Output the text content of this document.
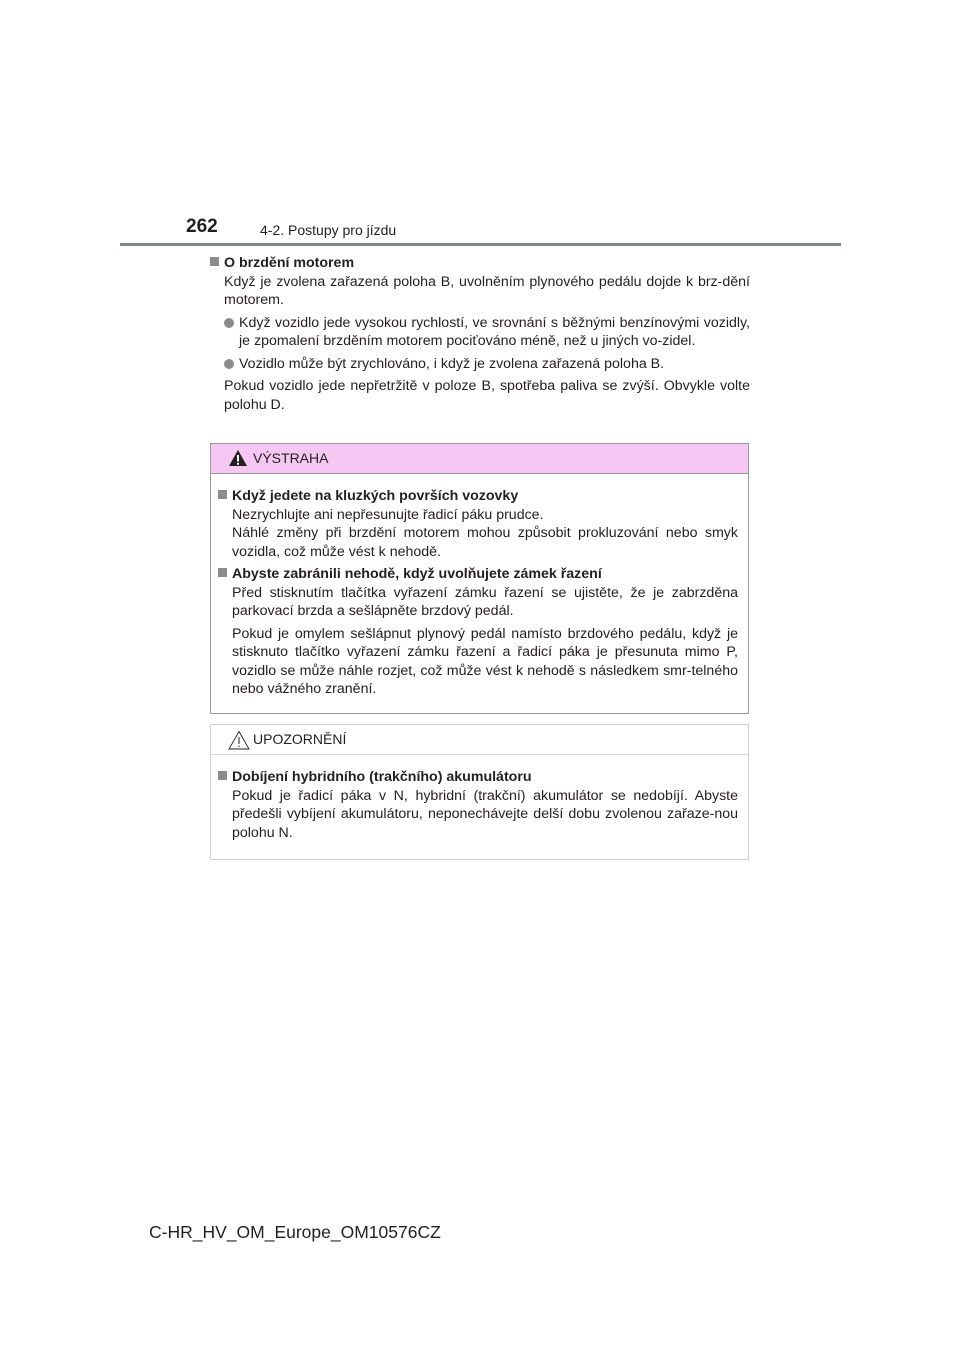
262	4-2. Postupy pro jízdu
O brzdění motorem

Když je zvolena zařazená poloha B, uvolněním plynového pedálu dojde k brz-dění motorem.

Když vozidlo jede vysokou rychlostí, ve srovnání s běžnými benzínovými vozidly, je zpomalení brzděním motorem pociťováno méně, než u jiných vo-zidel.
Vozidlo může být zrychlováno, i když je zvolena zařazená poloha B.

Pokud vozidlo jede nepřetržitě v poloze B, spotřeba paliva se zvýší. Obvykle volte polohu D.

VÝSTRAHA
Když jedete na kluzkých površích vozovky

Nezrychlujte ani nepřesunujte řadicí páku prudce.

Náhlé změny při brzdění motorem mohou způsobit prokluzování nebo smyk vozidla, což může vést k nehodě.

Abyste zabránili nehodě, když uvolňujete zámek řazení

Před stisknutím tlačítka vyřazení zámku řazení se ujistěte, že je zabrzděna parkovací brzda a sešlápněte brzdový pedál.

Pokud je omylem sešlápnut plynový pedál namísto brzdového pedálu, když je stisknuto tlačítko vyřazení zámku řazení a řadicí páka je přesunuta mimo P, vozidlo se může náhle rozjet, což může vést k nehodě s následkem smr-telného nebo vážného zranění.

UPOZORNĚNÍ
Dobíjení hybridního (trakčního) akumulátoru

Pokud je řadicí páka v N, hybridní (trakční) akumulátor se nedobíjí. Abyste předešli vybíjení akumulátoru, neponechávejte delší dobu zvolenou zařaze-nou polohu N.

C-HR_HV_OM_Europe_OM10576CZ
